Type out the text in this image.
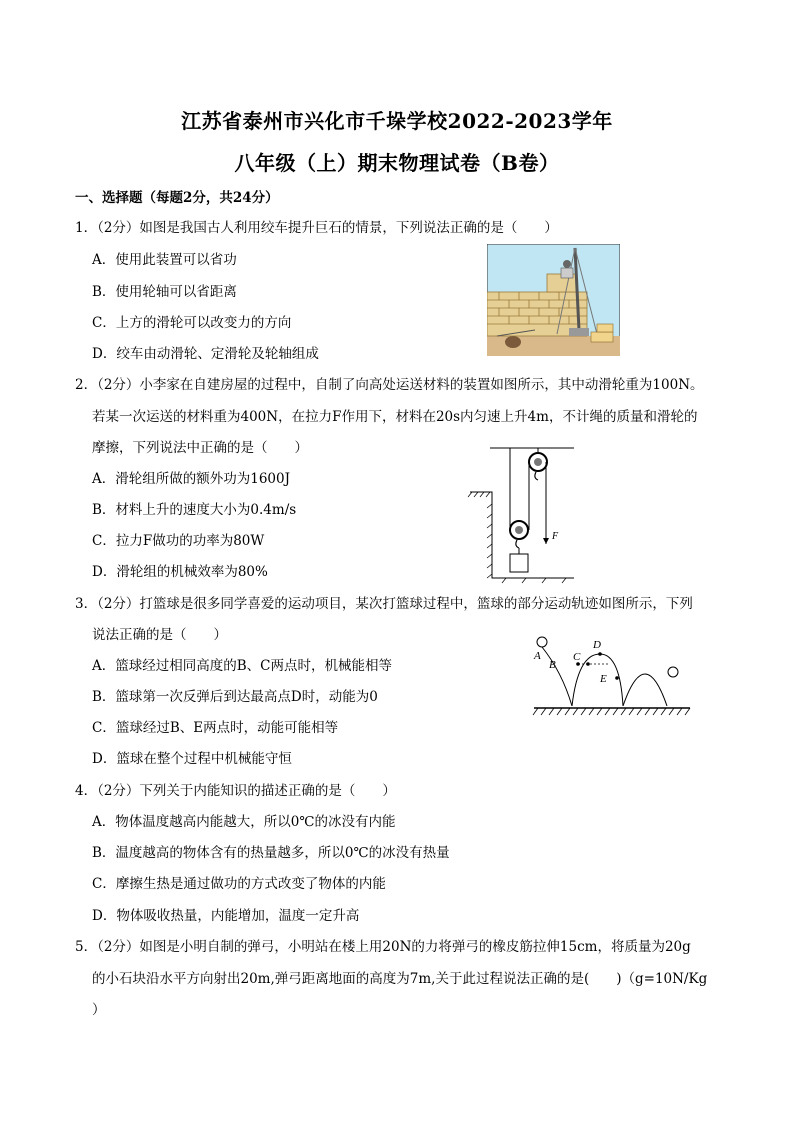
江苏省泰州市兴化市千垛学校2022-2023学年
八年级（上）期末物理试卷（B卷）
一、选择题（每题2分，共24分）
1．（2分）如图是我国古人利用绞车提升巨石的情景，下列说法正确的是（　　）
A．使用此装置可以省功
B．使用轮轴可以省距离
C．上方的滑轮可以改变力的方向
D．绞车由动滑轮、定滑轮及轮轴组成
2．（2分）小李家在自建房屋的过程中，自制了向高处运送材料的装置如图所示，其中动滑轮重为100N。
若某一次运送的材料重为400N，在拉力F作用下，材料在20s内匀速上升4m，不计绳的质量和滑轮的
摩擦，下列说法中正确的是（　　）
A．滑轮组所做的额外功为1600J
B．材料上升的速度大小为0.4m/s
C．拉力F做功的功率为80W
D．滑轮组的机械效率为80%
F
3．（2分）打篮球是很多同学喜爱的运动项目，某次打篮球过程中，篮球的部分运动轨迹如图所示，下列
说法正确的是（　　）
A．篮球经过相同高度的B、C两点时，机械能相等
B．篮球第一次反弹后到达最高点D时，动能为0
C．篮球经过B、E两点时，动能可能相等
D．篮球在整个过程中机械能守恒
A
B
C
D
E
4．（2分）下列关于内能知识的描述正确的是（　　）
A．物体温度越高内能越大，所以0℃的冰没有内能
B．温度越高的物体含有的热量越多，所以0℃的冰没有热量
C．摩擦生热是通过做功的方式改变了物体的内能
D．物体吸收热量，内能增加，温度一定升高
5．（2分）如图是小明自制的弹弓，小明站在楼上用20N的力将弹弓的橡皮筋拉伸15cm，将质量为20g
的小石块沿水平方向射出20m,弹弓距离地面的高度为7m,关于此过程说法正确的是(　　)（g=10N/Kg
）
